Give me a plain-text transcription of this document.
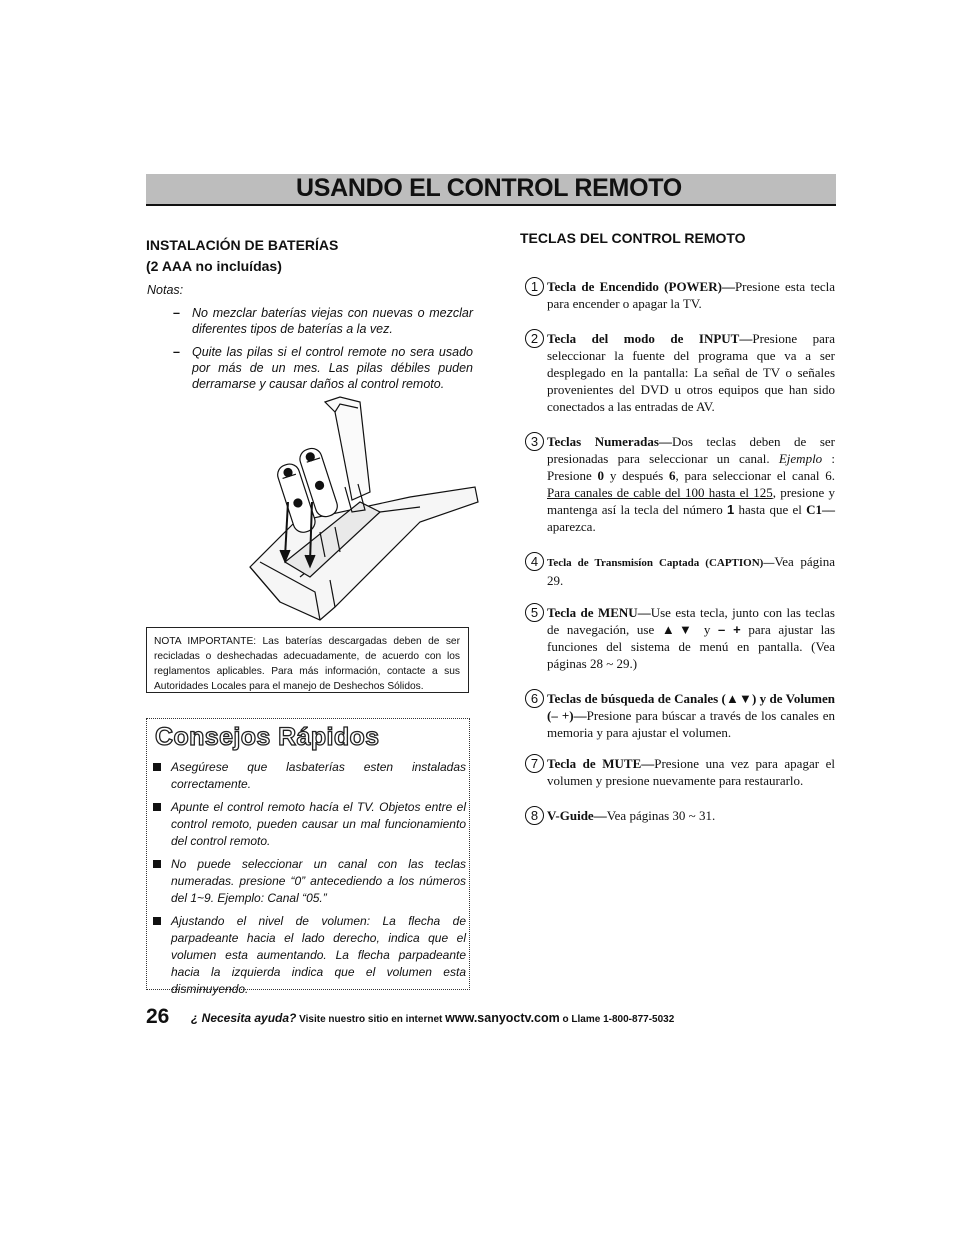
USANDO EL CONTROL REMOTO

INSTALACIÓN DE BATERÍAS

(2 AAA no incluídas)

Notas:
– No mezclar baterías viejas con nuevas o mezclar diferentes tipos de baterías a la vez.
– Quite las pilas si el control remote no sera usado por más de un mes. Las pilas débiles puden derramarse y causar daños al control remoto.
NOTA IMPORTANTE: Las baterías descargadas deben de ser recicladas o deshechadas adecuadamente, de acuerdo con los reglamentos aplicables. Para más información, contacte a sus Autoridades Locales para el manejo de Deshechos Sólidos.
Consejos Rápidos
Asegúrese que lasbaterías esten instaladas correctamente.
Apunte el control remoto hacía el TV. Objetos entre el control remoto, pueden causar un mal funcionamiento del control remoto.
No puede seleccionar un canal con las teclas numeradas. presione “0” antecediendo a los números del 1~9. Ejemplo: Canal “05.”
Ajustando el nivel de volumen: La flecha de parpadeante hacia el lado derecho, indica que el volumen esta aumentando. La flecha parpadeante hacia la izquierda indica que el volumen esta disminuyendo.

TECLAS DEL CONTROL REMOTO

1 Tecla de Encendido (POWER)—Presione esta tecla para encender o apagar la TV.
2 Tecla del modo de INPUT—Presione para seleccionar la fuente del programa que va a ser desplegado en la pantalla: La señal de TV o señales provenientes del DVD u otros equipos que han sido conectados a las entradas de AV.
3 Teclas Numeradas—Dos teclas deben de ser presionadas para seleccionar un canal. Ejemplo : Presione 0 y después 6, para seleccionar el canal 6. Para canales de cable del 100 hasta el 125, presione y mantenga así la tecla del número 1 hasta que el C1–– aparezca.
4 Tecla de Transmisíon Captada (CAPTION)—Vea página 29.
5 Tecla de MENU—Use esta tecla, junto con las teclas de navegación, use ▲▼ y – + para ajustar las funciones del sistema de menú en pantalla. (Vea páginas 28 ~ 29.)
6 Teclas de búsqueda de Canales (▲▼) y de Volumen (– +)—Presione para búscar a través de los canales en memoria y para ajustar el volumen.
7 Tecla de MUTE—Presione una vez para apagar el volumen y presione nuevamente para restaurarlo.
8 V-Guide—Vea páginas 30 ~ 31.
26 ¿ Necesita ayuda? Visite nuestro sitio en internet www.sanyoctv.com o Llame 1-800-877-5032
